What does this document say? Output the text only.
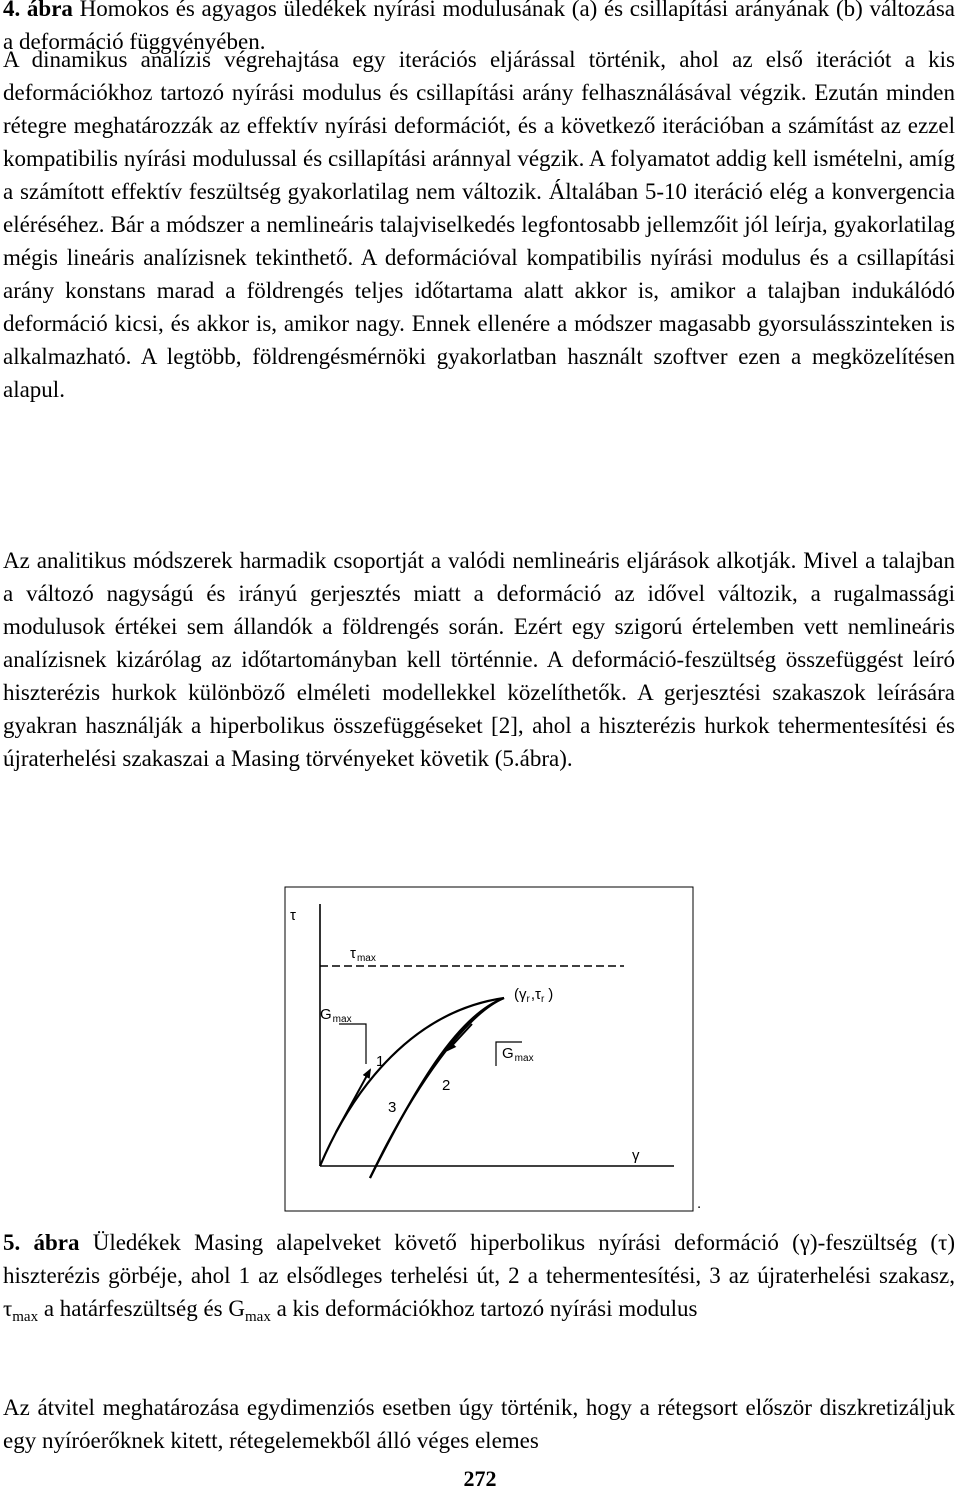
4. ábra Homokos és agyagos üledékek nyírási modulusának (a) és csillapítási arányának (b) változása a deformáció függvényében.

A dinamikus analízis végrehajtása egy iterációs eljárással történik, ahol az első iterációt a kis deformációkhoz tartozó nyírási modulus és csillapítási arány felhasználásával végzik. Ezután minden rétegre meghatározzák az effektív nyírási deformációt, és a következő iterációban a számítást az ezzel kompatibilis nyírási modulussal és csillapítási aránnyal végzik. A folyamatot addig kell ismételni, amíg a számított effektív feszültség gyakorlatilag nem változik. Általában 5-10 iteráció elég a konvergencia eléréséhez. Bár a módszer a nemlineáris talajviselkedés legfontosabb jellemzőit jól leírja, gyakorlatilag mégis lineáris analízisnek tekinthető. A deformációval kompatibilis nyírási modulus és a csillapítási arány konstans marad a földrengés teljes időtartama alatt akkor is, amikor a talajban indukálódó deformáció kicsi, és akkor is, amikor nagy. Ennek ellenére a módszer magasabb gyorsulásszinteken is alkalmazható. A legtöbb, földrengésmérnöki gyakorlatban használt szoftver ezen a megközelítésen alapul.

Az analitikus módszerek harmadik csoportját a valódi nemlineáris eljárások alkotják. Mivel a talajban a változó nagyságú és irányú gerjesztés miatt a deformáció az idővel változik, a rugalmassági modulusok értékei sem állandók a földrengés során. Ezért egy szigorú értelemben vett nemlineáris analízisnek kizárólag az időtartományban kell történnie. A deformáció-feszültség összefüggést leíró hiszterézis hurkok különböző elméleti modellekkel közelíthetők. A gerjesztési szakaszok leírására gyakran használják a hiperbolikus összefüggéseket [2], ahol a hiszterézis hurkok tehermentesítési és újraterhelési szakaszai a Masing törvényeket követik (5.ábra).

τ
γ
$\tau_{max}$
$G_{max}$
$G_{max}$
($\gamma_r,\tau_r$ )
1
2
3
.

5. ábra Üledékek Masing alapelveket követő hiperbolikus nyírási deformáció (γ)-feszültség (τ) hiszterézis görbéje, ahol 1 az elsődleges terhelési út, 2 a tehermentesítési, 3 az újraterhelési szakasz, $\tau_{max}$ a határfeszültség és $G_{max}$ a kis deformációkhoz tartozó nyírási modulus

Az átvitel meghatározása egydimenziós esetben úgy történik, hogy a rétegsort először diszkretizáljuk egy nyíróerőknek kitett, rétegelemekből álló véges elemes

272
